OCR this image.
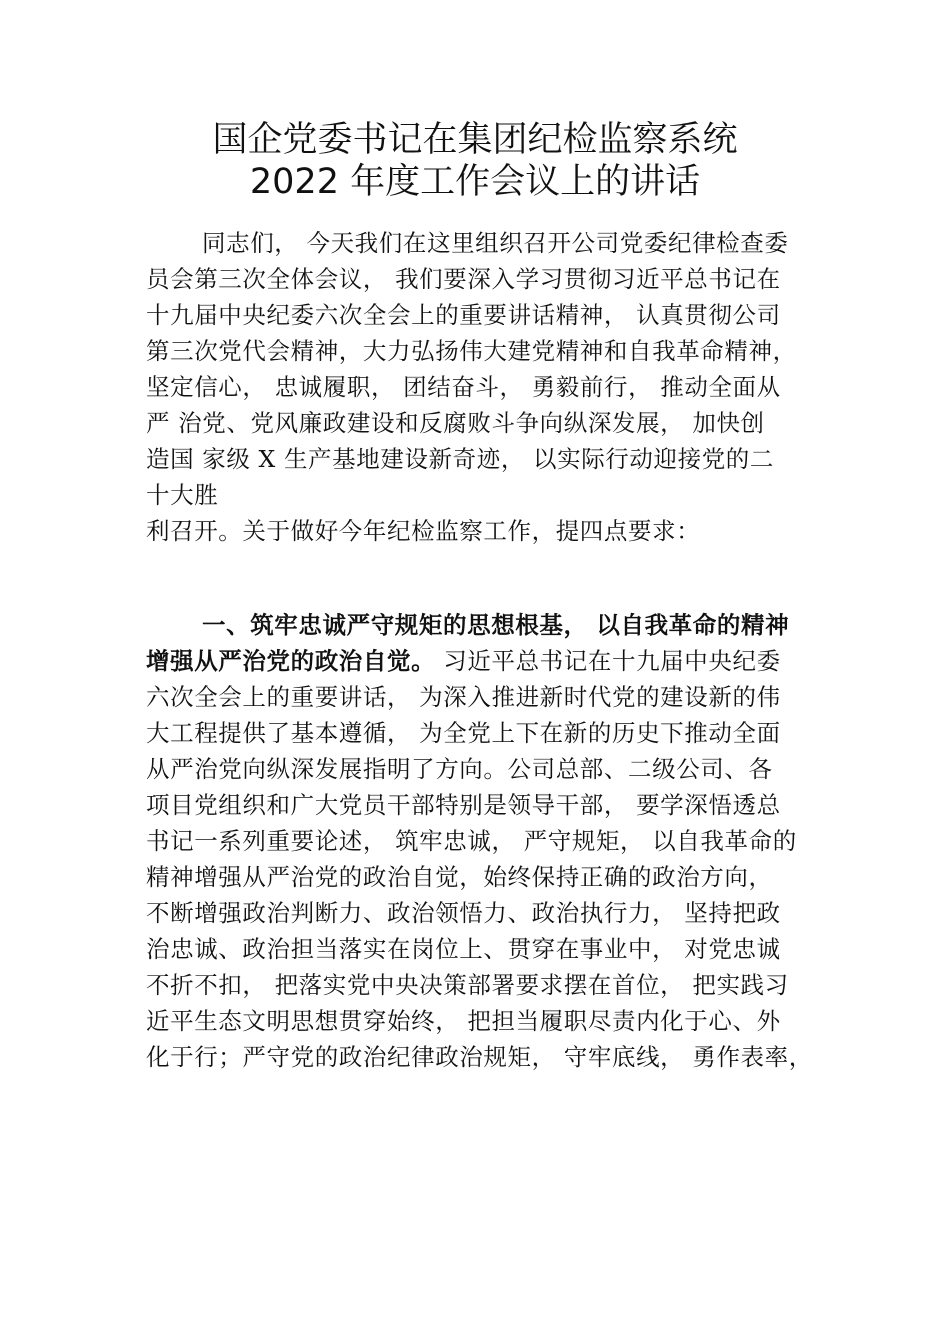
国企党委书记在集团纪检监察系统
2022 年度工作会议上的讲话
同志们， 今天我们在这里组织召开公司党委纪律检查委
员会第三次全体会议， 我们要深入学习贯彻习近平总书记在
十九届中央纪委六次全会上的重要讲话精神， 认真贯彻公司
第三次党代会精神，大力弘扬伟大建党精神和自我革命精神，
坚定信心， 忠诚履职， 团结奋斗， 勇毅前行， 推动全面从
严 治党、党风廉政建设和反腐败斗争向纵深发展， 加快创
造国 家级 X 生产基地建设新奇迹， 以实际行动迎接党的二
十大胜
利召开。关于做好今年纪检监察工作，提四点要求：
一、筑牢忠诚严守规矩的思想根基， 以自我革命的精神
增强从严治党的政治自觉。 习近平总书记在十九届中央纪委
六次全会上的重要讲话， 为深入推进新时代党的建设新的伟
大工程提供了基本遵循， 为全党上下在新的历史下推动全面
从严治党向纵深发展指明了方向。公司总部、二级公司、各
项目党组织和广大党员干部特别是领导干部， 要学深悟透总
书记一系列重要论述， 筑牢忠诚， 严守规矩， 以自我革命的
精神增强从严治党的政治自觉，始终保持正确的政治方向，
不断增强政治判断力、政治领悟力、政治执行力， 坚持把政
治忠诚、政治担当落实在岗位上、贯穿在事业中， 对党忠诚
不折不扣， 把落实党中央决策部署要求摆在首位， 把实践习
近平生态文明思想贯穿始终， 把担当履职尽责内化于心、外
化于行；严守党的政治纪律政治规矩， 守牢底线， 勇作表率，
